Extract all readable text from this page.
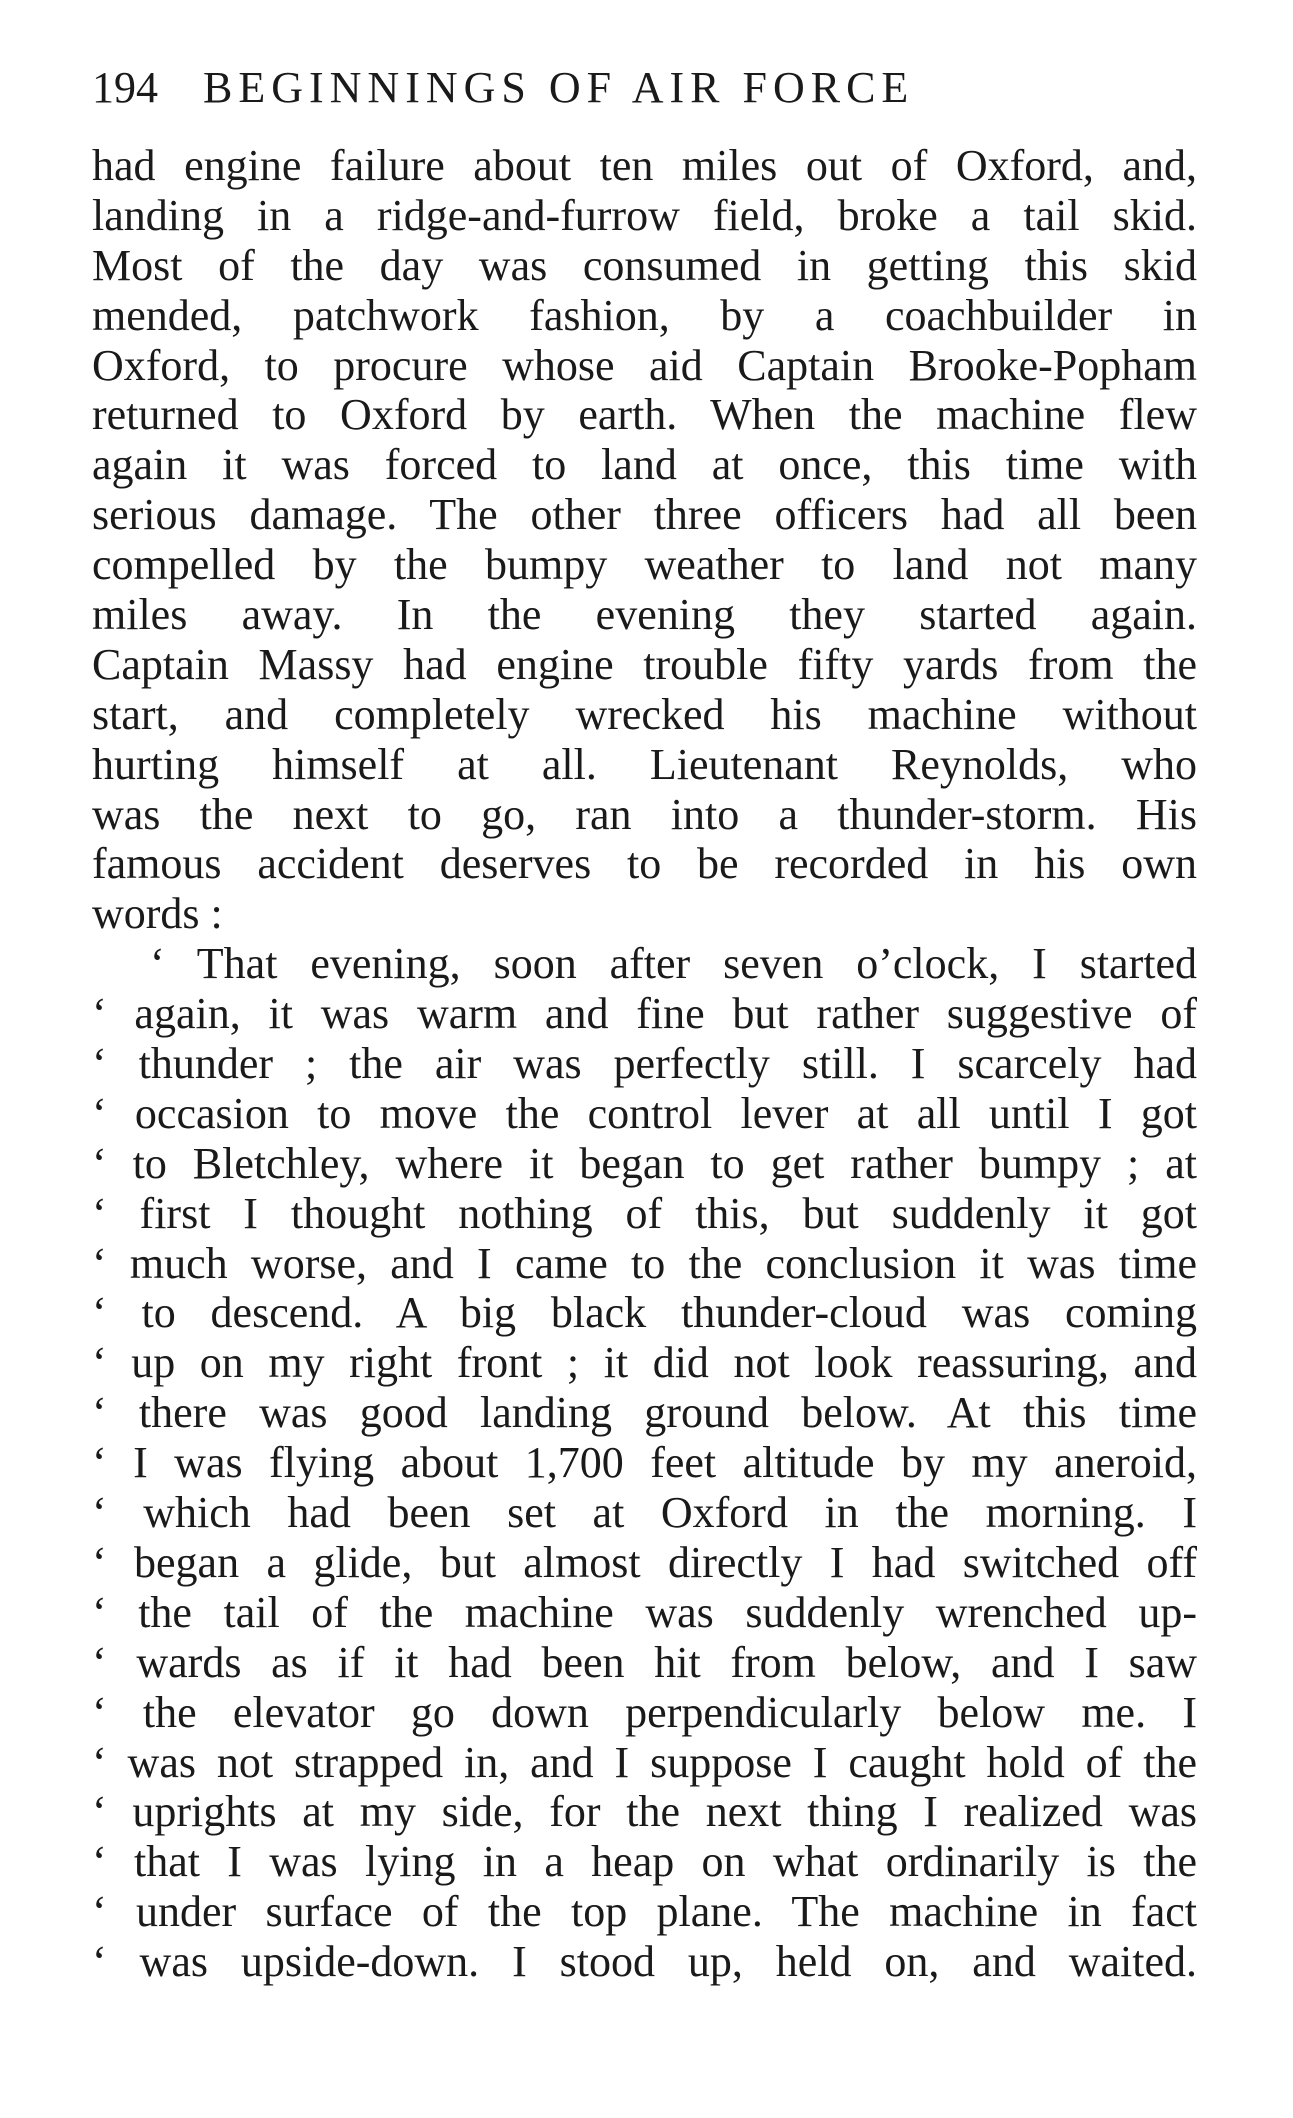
194 BEGINNINGS OF AIR FORCE
had engine failure about ten miles out of Oxford, and,
landing in a ridge-and-furrow field, broke a tail skid.
Most of the day was consumed in getting this skid
mended, patchwork fashion, by a coachbuilder in
Oxford, to procure whose aid Captain Brooke-Popham
returned to Oxford by earth. When the machine flew
again it was forced to land at once, this time with
serious damage. The other three officers had all been
compelled by the bumpy weather to land not many
miles away. In the evening they started again.
Captain Massy had engine trouble fifty yards from the
start, and completely wrecked his machine without
hurting himself at all. Lieutenant Reynolds, who
was the next to go, ran into a thunder-storm. His
famous accident deserves to be recorded in his own
words :
‘ That evening, soon after seven o’clock, I started
‘ again, it was warm and fine but rather suggestive of
‘ thunder ; the air was perfectly still. I scarcely had
‘ occasion to move the control lever at all until I got
‘ to Bletchley, where it began to get rather bumpy ; at
‘ first I thought nothing of this, but suddenly it got
‘ much worse, and I came to the conclusion it was time
‘ to descend. A big black thunder-cloud was coming
‘ up on my right front ; it did not look reassuring, and
‘ there was good landing ground below. At this time
‘ I was flying about 1,700 feet altitude by my aneroid,
‘ which had been set at Oxford in the morning. I
‘ began a glide, but almost directly I had switched off
‘ the tail of the machine was suddenly wrenched up-
‘ wards as if it had been hit from below, and I saw
‘ the elevator go down perpendicularly below me. I
‘ was not strapped in, and I suppose I caught hold of the
‘ uprights at my side, for the next thing I realized was
‘ that I was lying in a heap on what ordinarily is the
‘ under surface of the top plane. The machine in fact
‘ was upside-down. I stood up, held on, and waited.
